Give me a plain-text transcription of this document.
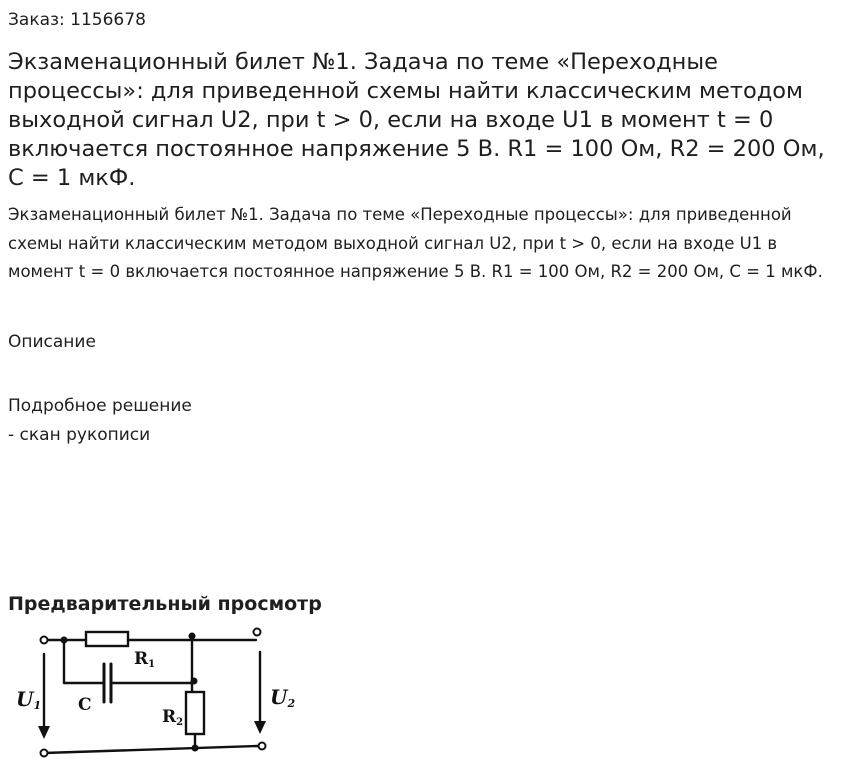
Заказ: 1156678
Экзаменационный билет №1. Задача по теме «Переходные процессы»: для приведенной схемы найти классическим методом выходной сигнал U2, при t > 0, если на входе U1 в момент t = 0 включается постоянное напряжение 5 В. R1 = 100 Ом, R2 = 200 Ом, C = 1 мкФ.
Экзаменационный билет №1. Задача по теме «Переходные процессы»: для приведенной схемы найти классическим методом выходной сигнал U2, при t > 0, если на входе U1 в момент t = 0 включается постоянное напряжение 5 В. R1 = 100 Ом, R2 = 200 Ом, C = 1 мкФ.
Описание
Подробное решение
- скан рукописи
Предварительный просмотр
R1
C
R2
U1	U2
